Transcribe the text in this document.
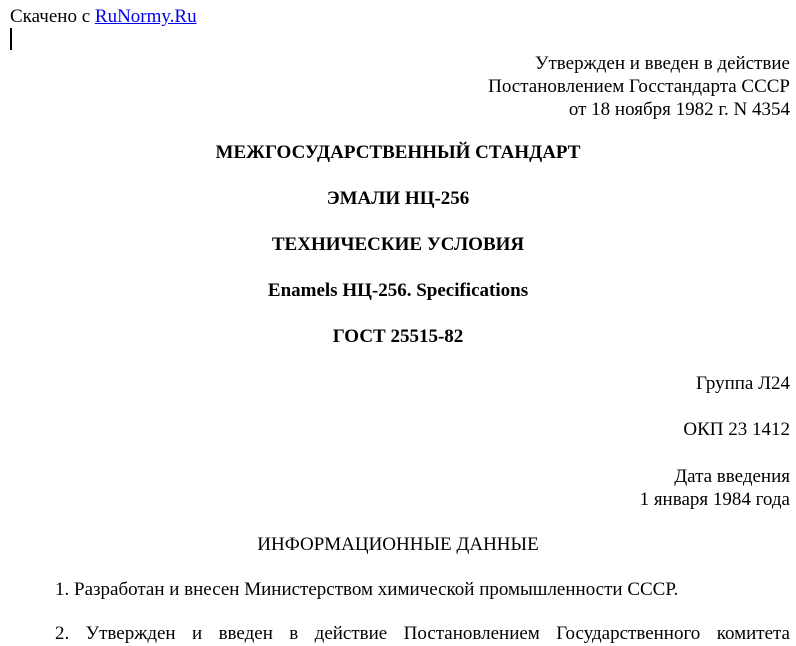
Скачено с RuNormy.Ru
Утвержден и введен в действие
Постановлением Госстандарта СССР
от 18 ноября 1982 г. N 4354
МЕЖГОСУДАРСТВЕННЫЙ СТАНДАРТ
ЭМАЛИ НЦ-256
ТЕХНИЧЕСКИЕ УСЛОВИЯ
Enamels НЦ-256. Specifications
ГОСТ 25515-82
Группа Л24
ОКП 23 1412
Дата введения
1 января 1984 года
ИНФОРМАЦИОННЫЕ ДАННЫЕ
1. Разработан и внесен Министерством химической промышленности СССР.
2. Утвержден и введен в действие Постановлением Государственного комитета
